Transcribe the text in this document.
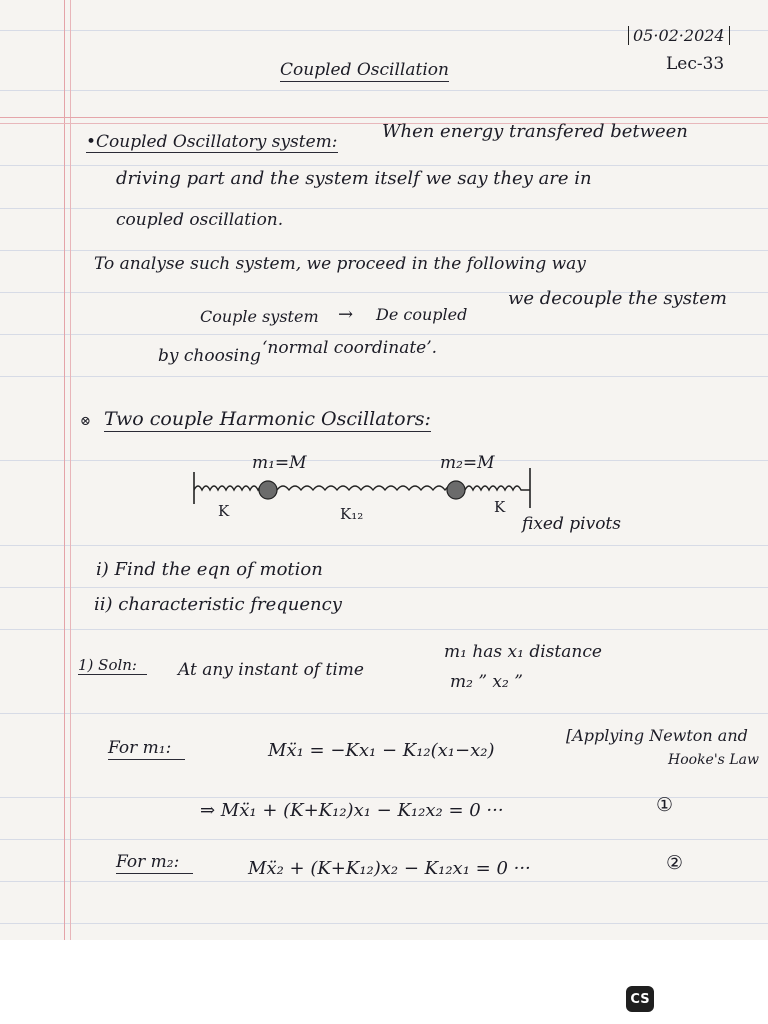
05·02·2024
Lec-33
Coupled Oscillation
•Coupled Oscillatory system: When energy transfered between
driving part and the system itself we say they are in
coupled oscillation.
To analyse such system, we proceed in the following way
Couple system → De coupled
we decouple the system
by choosing ‘normal coordinate’.
⊗ Two couple Harmonic Oscillators:
m₁=M	m₂=M
K	K₁₂	K
fixed pivots
i) Find the eqn of motion
ii) characteristic frequency
1) Soln:	At any instant of time
m₁ has x₁ distance
m₂ ” x₂ ”
For m₁:	Mẍ₁ = −Kx₁ − K₁₂(x₁−x₂)
[Applying Newton and
Hooke's Law
⇒ Mẍ₁ + (K+K₁₂)x₁ − K₁₂x₂ = 0 ···	①
For m₂:	Mẍ₂ + (K+K₁₂)x₂ − K₁₂x₁ = 0 ···	②
CS
